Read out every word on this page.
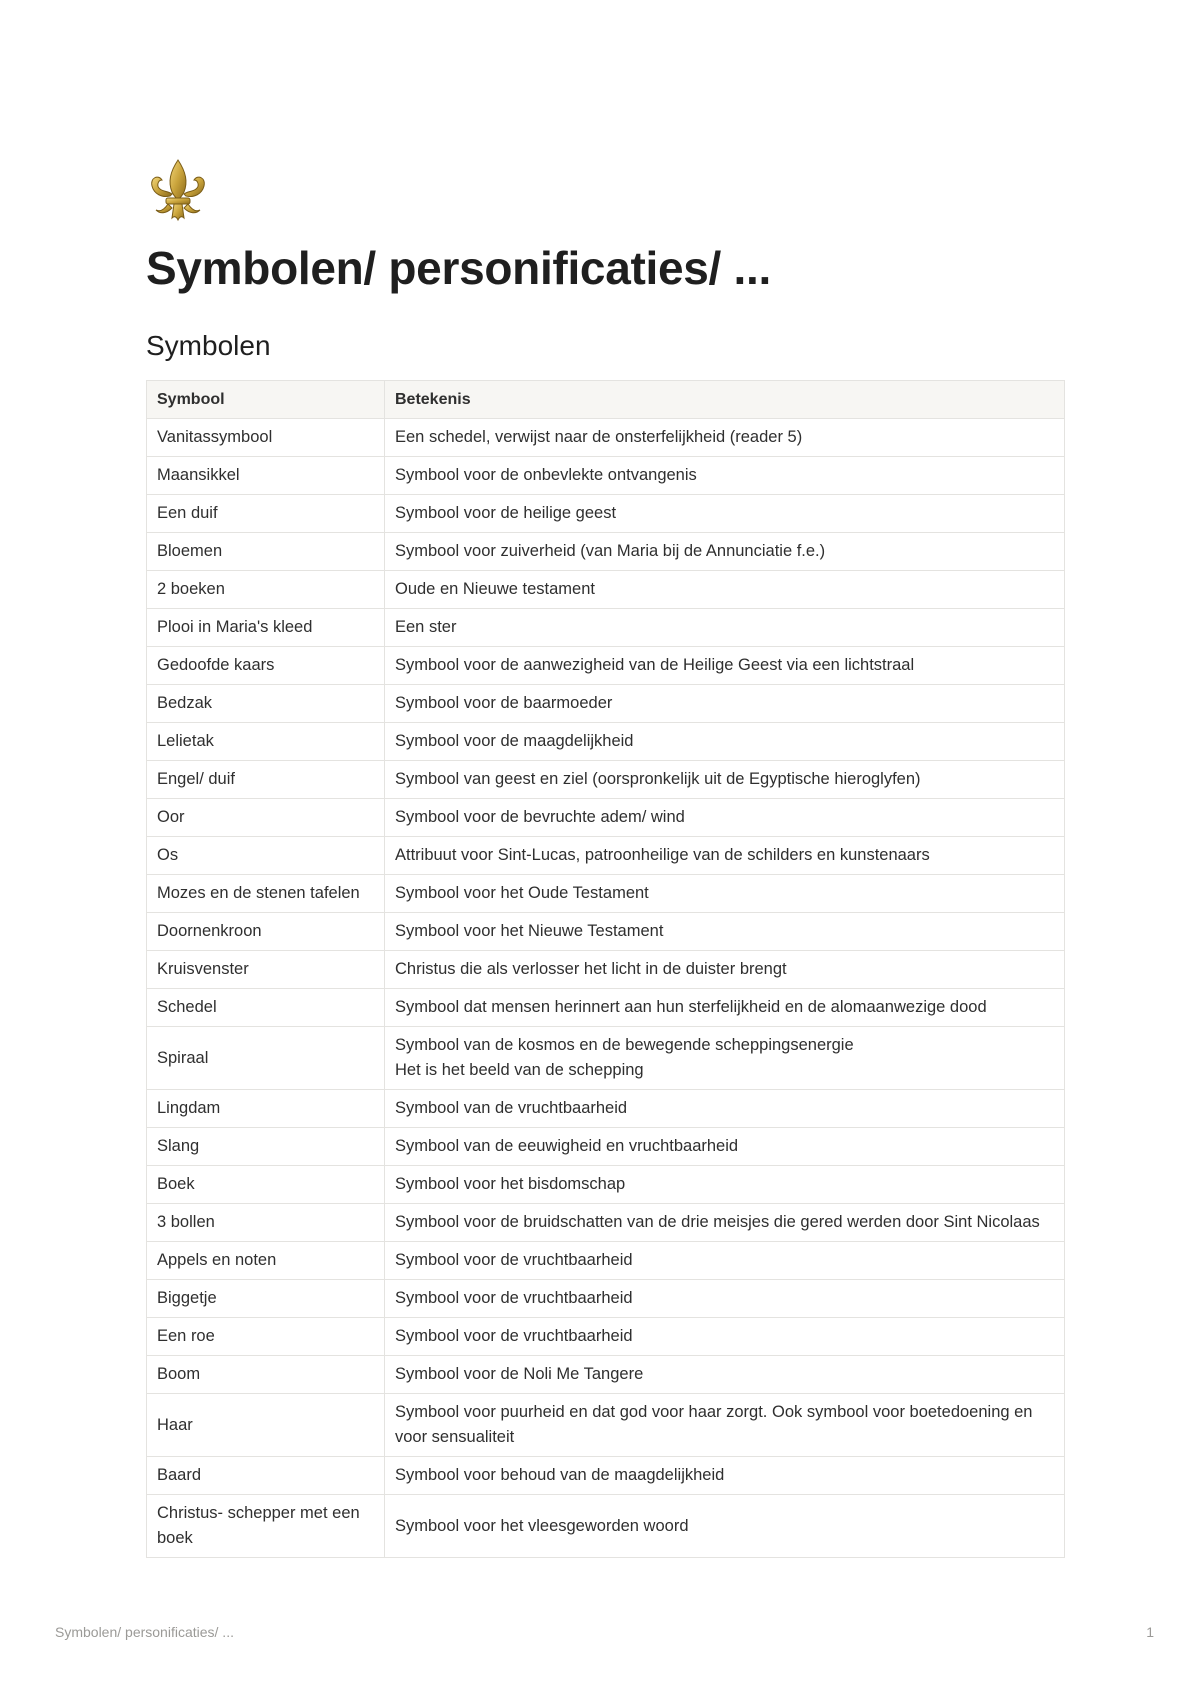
Symbolen/ personificaties/ ...
Symbolen
Symbool	Betekenis
Vanitassymbool	Een schedel, verwijst naar de onsterfelijkheid (reader 5)
Maansikkel	Symbool voor de onbevlekte ontvangenis
Een duif	Symbool voor de heilige geest
Bloemen	Symbool voor zuiverheid (van Maria bij de Annunciatie f.e.)
2 boeken	Oude en Nieuwe testament
Plooi in Maria's kleed	Een ster
Gedoofde kaars	Symbool voor de aanwezigheid van de Heilige Geest via een lichtstraal
Bedzak	Symbool voor de baarmoeder
Lelietak	Symbool voor de maagdelijkheid
Engel/ duif	Symbool van geest en ziel (oorspronkelijk uit de Egyptische hieroglyfen)
Oor	Symbool voor de bevruchte adem/ wind
Os	Attribuut voor Sint-Lucas, patroonheilige van de schilders en kunstenaars
Mozes en de stenen tafelen	Symbool voor het Oude Testament
Doornenkroon	Symbool voor het Nieuwe Testament
Kruisvenster	Christus die als verlosser het licht in de duister brengt
Schedel	Symbool dat mensen herinnert aan hun sterfelijkheid en de alomaanwezige dood
Spiraal	Symbool van de kosmos en de bewegende scheppingsenergie
Het is het beeld van de schepping
Lingdam	Symbool van de vruchtbaarheid
Slang	Symbool van de eeuwigheid en vruchtbaarheid
Boek	Symbool voor het bisdomschap
3 bollen	Symbool voor de bruidschatten van de drie meisjes die gered werden door Sint Nicolaas
Appels en noten	Symbool voor de vruchtbaarheid
Biggetje	Symbool voor de vruchtbaarheid
Een roe	Symbool voor de vruchtbaarheid
Boom	Symbool voor de Noli Me Tangere
Haar	Symbool voor puurheid en dat god voor haar zorgt. Ook symbool voor boetedoening en voor sensualiteit
Baard	Symbool voor behoud van de maagdelijkheid
Christus- schepper met een boek	Symbool voor het vleesgeworden woord
Symbolen/ personificaties/ ...	1
